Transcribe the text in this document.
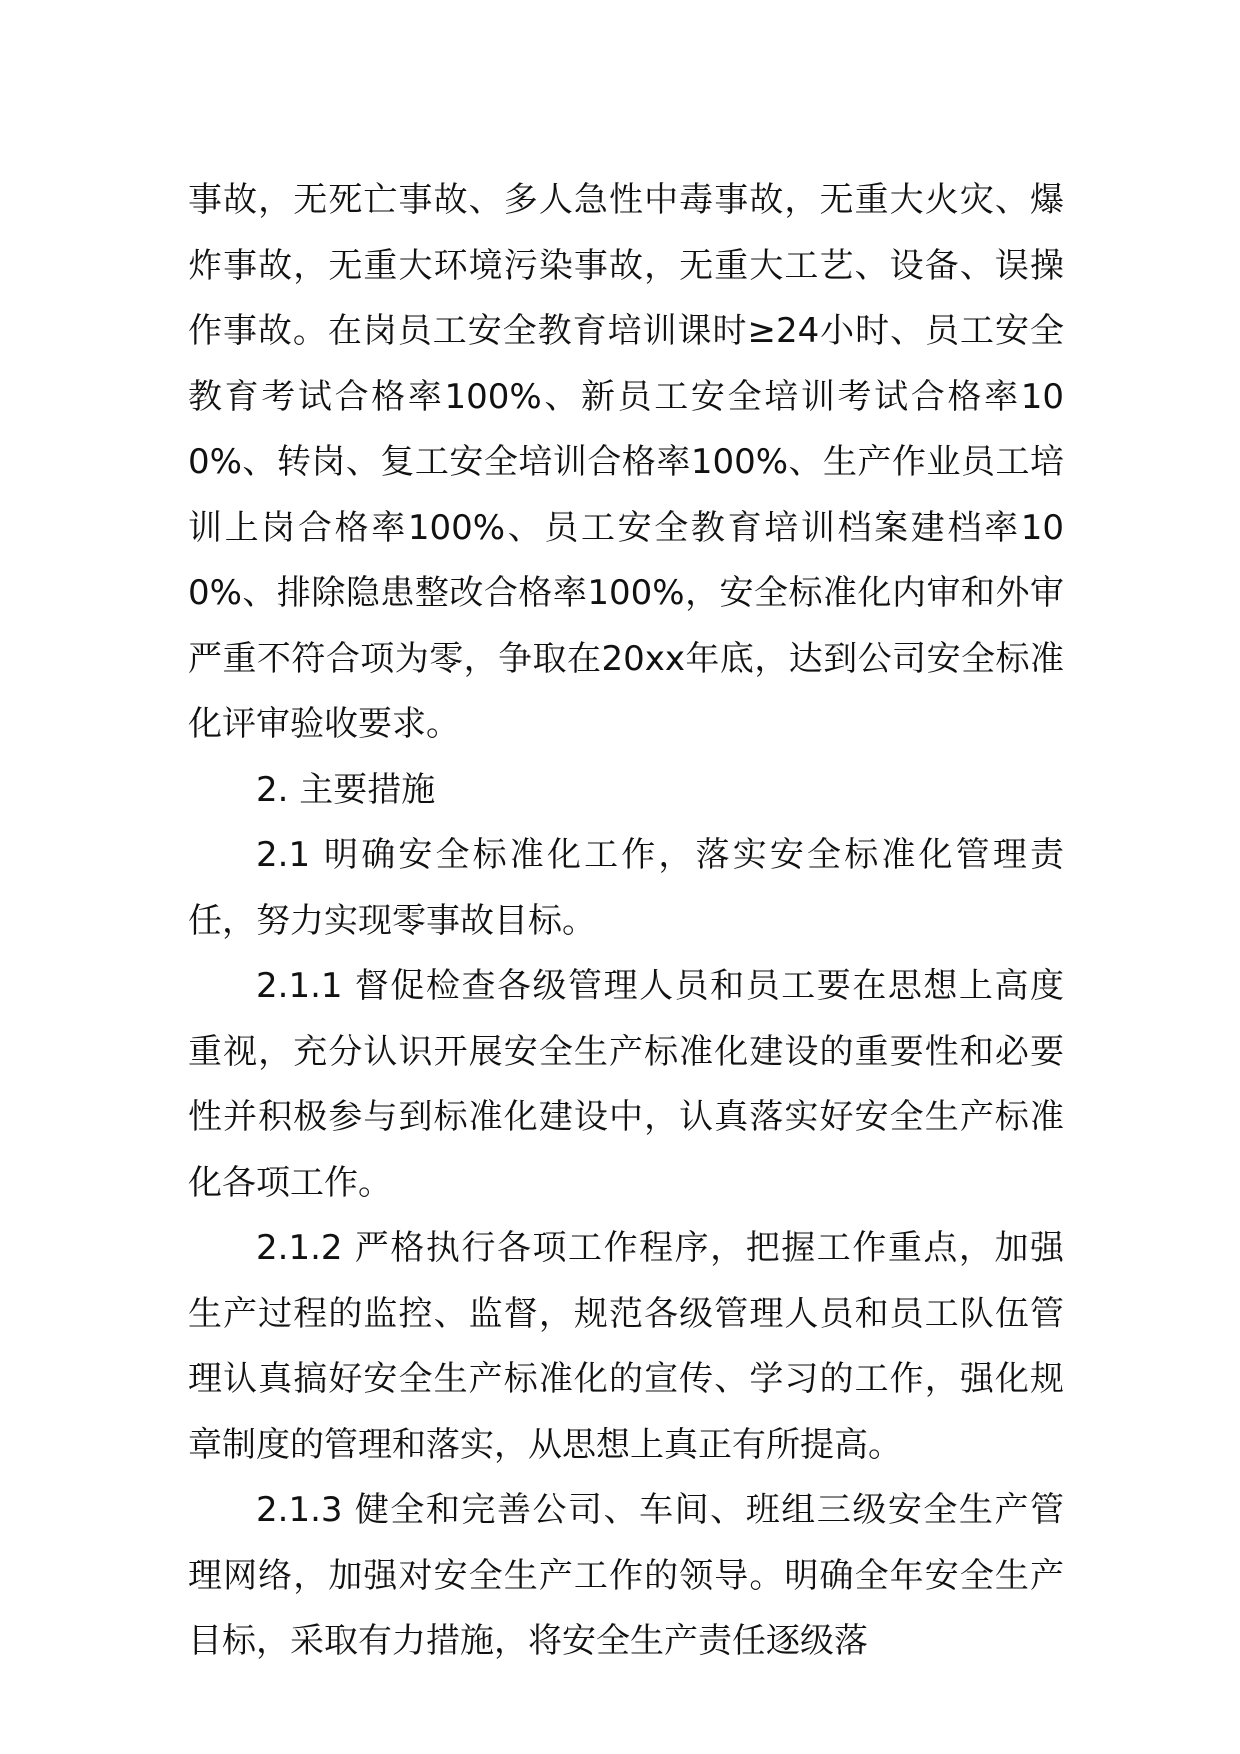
事故，无死亡事故、多人急性中毒事故，无重大火灾、爆炸事故，无重大环境污染事故，无重大工艺、设备、误操作事故。在岗员工安全教育培训课时≥24小时、员工安全教育考试合格率100%、新员工安全培训考试合格率100%、转岗、复工安全培训合格率100%、生产作业员工培训上岗合格率100%、员工安全教育培训档案建档率100%、排除隐患整改合格率100%，安全标准化内审和外审严重不符合项为零，争取在20xx年底，达到公司安全标准化评审验收要求。

2. 主要措施

2.1 明确安全标准化工作，落实安全标准化管理责任，努力实现零事故目标。

2.1.1 督促检查各级管理人员和员工要在思想上高度重视，充分认识开展安全生产标准化建设的重要性和必要性并积极参与到标准化建设中，认真落实好安全生产标准化各项工作。

2.1.2 严格执行各项工作程序，把握工作重点，加强生产过程的监控、监督，规范各级管理人员和员工队伍管理认真搞好安全生产标准化的宣传、学习的工作，强化规章制度的管理和落实，从思想上真正有所提高。

2.1.3 健全和完善公司、车间、班组三级安全生产管理网络，加强对安全生产工作的领导。明确全年安全生产目标，采取有力措施，将安全生产责任逐级落
